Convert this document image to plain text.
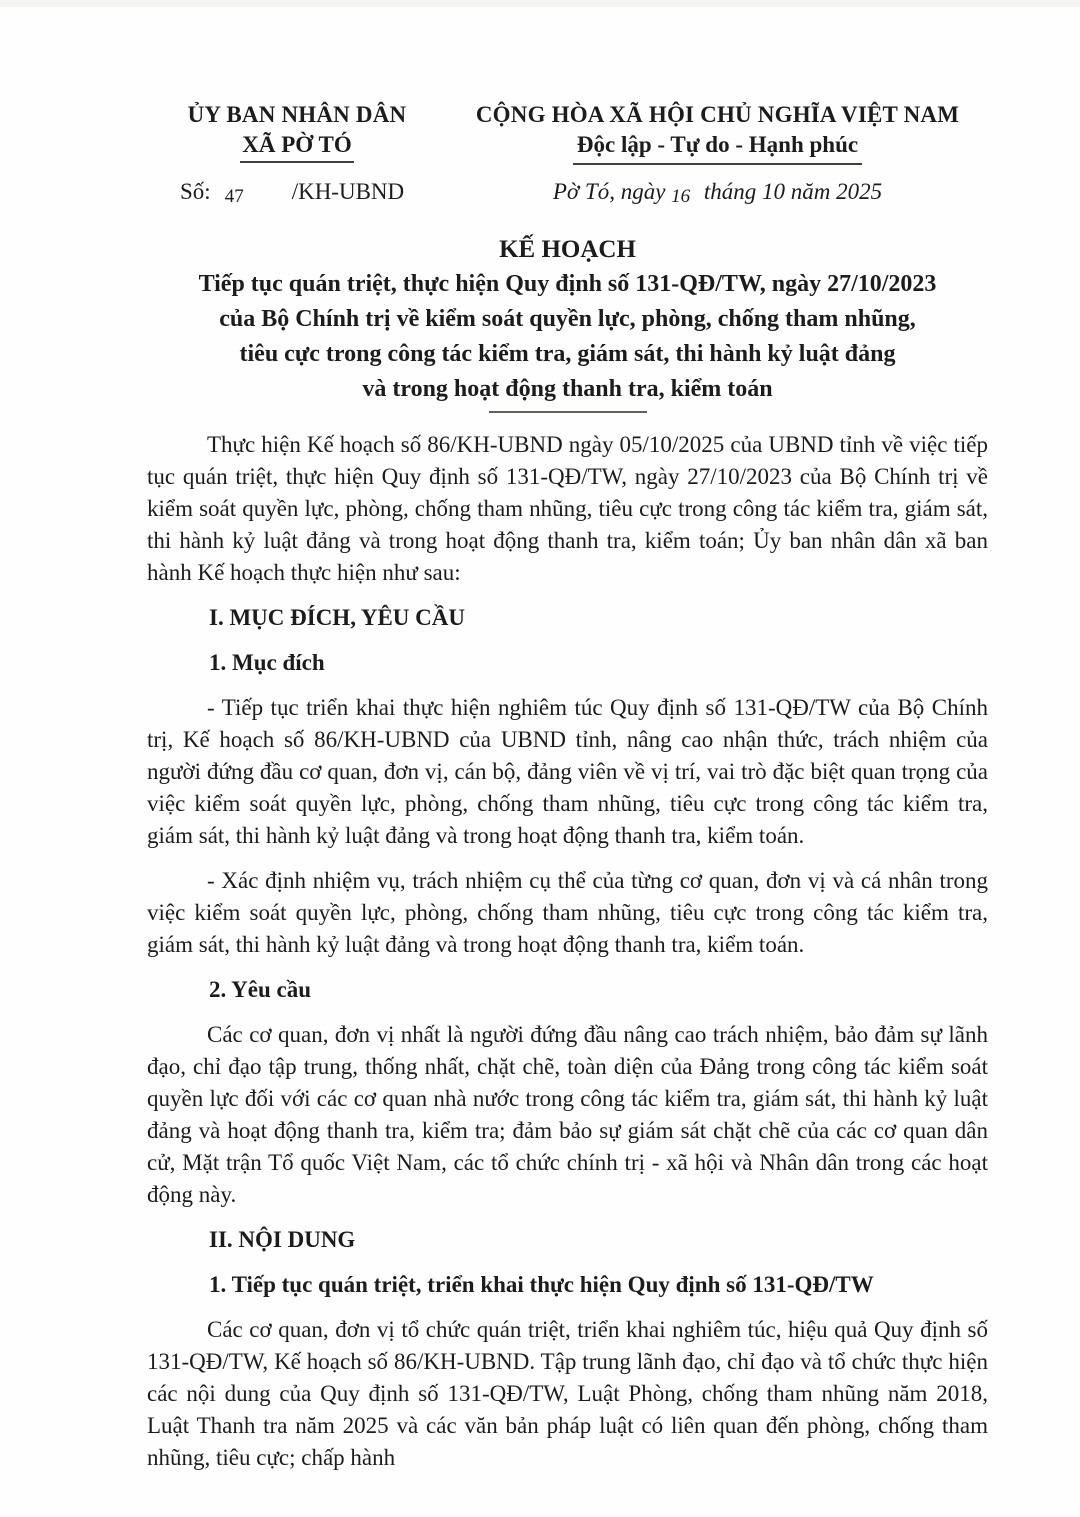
ỦY BAN NHÂN DÂN
XÃ PỜ TÓ
Số: 47 /KH-UBND
CỘNG HÒA XÃ HỘI CHỦ NGHĨA VIỆT NAM
Độc lập - Tự do - Hạnh phúc
Pờ Tó, ngày 16 tháng 10 năm 2025
KẾ HOẠCH
Tiếp tục quán triệt, thực hiện Quy định số 131-QĐ/TW, ngày 27/10/2023
của Bộ Chính trị về kiểm soát quyền lực, phòng, chống tham nhũng,
tiêu cực trong công tác kiểm tra, giám sát, thi hành kỷ luật đảng
và trong hoạt động thanh tra, kiểm toán

Thực hiện Kế hoạch số 86/KH-UBND ngày 05/10/2025 của UBND tỉnh về việc tiếp tục quán triệt, thực hiện Quy định số 131-QĐ/TW, ngày 27/10/2023 của Bộ Chính trị về kiểm soát quyền lực, phòng, chống tham nhũng, tiêu cực trong công tác kiểm tra, giám sát, thi hành kỷ luật đảng và trong hoạt động thanh tra, kiểm toán; Ủy ban nhân dân xã ban hành Kế hoạch thực hiện như sau:

I. MỤC ĐÍCH, YÊU CẦU
1. Mục đích

- Tiếp tục triển khai thực hiện nghiêm túc Quy định số 131-QĐ/TW của Bộ Chính trị, Kế hoạch số 86/KH-UBND của UBND tỉnh, nâng cao nhận thức, trách nhiệm của người đứng đầu cơ quan, đơn vị, cán bộ, đảng viên về vị trí, vai trò đặc biệt quan trọng của việc kiểm soát quyền lực, phòng, chống tham nhũng, tiêu cực trong công tác kiểm tra, giám sát, thi hành kỷ luật đảng và trong hoạt động thanh tra, kiểm toán.

- Xác định nhiệm vụ, trách nhiệm cụ thể của từng cơ quan, đơn vị và cá nhân trong việc kiểm soát quyền lực, phòng, chống tham nhũng, tiêu cực trong công tác kiểm tra, giám sát, thi hành kỷ luật đảng và trong hoạt động thanh tra, kiểm toán.

2. Yêu cầu

Các cơ quan, đơn vị nhất là người đứng đầu nâng cao trách nhiệm, bảo đảm sự lãnh đạo, chỉ đạo tập trung, thống nhất, chặt chẽ, toàn diện của Đảng trong công tác kiểm soát quyền lực đối với các cơ quan nhà nước trong công tác kiểm tra, giám sát, thi hành kỷ luật đảng và hoạt động thanh tra, kiểm tra; đảm bảo sự giám sát chặt chẽ của các cơ quan dân cử, Mặt trận Tổ quốc Việt Nam, các tổ chức chính trị - xã hội và Nhân dân trong các hoạt động này.

II. NỘI DUNG
1. Tiếp tục quán triệt, triển khai thực hiện Quy định số 131-QĐ/TW

Các cơ quan, đơn vị tổ chức quán triệt, triển khai nghiêm túc, hiệu quả Quy định số 131-QĐ/TW, Kế hoạch số 86/KH-UBND. Tập trung lãnh đạo, chỉ đạo và tổ chức thực hiện các nội dung của Quy định số 131-QĐ/TW, Luật Phòng, chống tham nhũng năm 2018, Luật Thanh tra năm 2025 và các văn bản pháp luật có liên quan đến phòng, chống tham nhũng, tiêu cực; chấp hành
